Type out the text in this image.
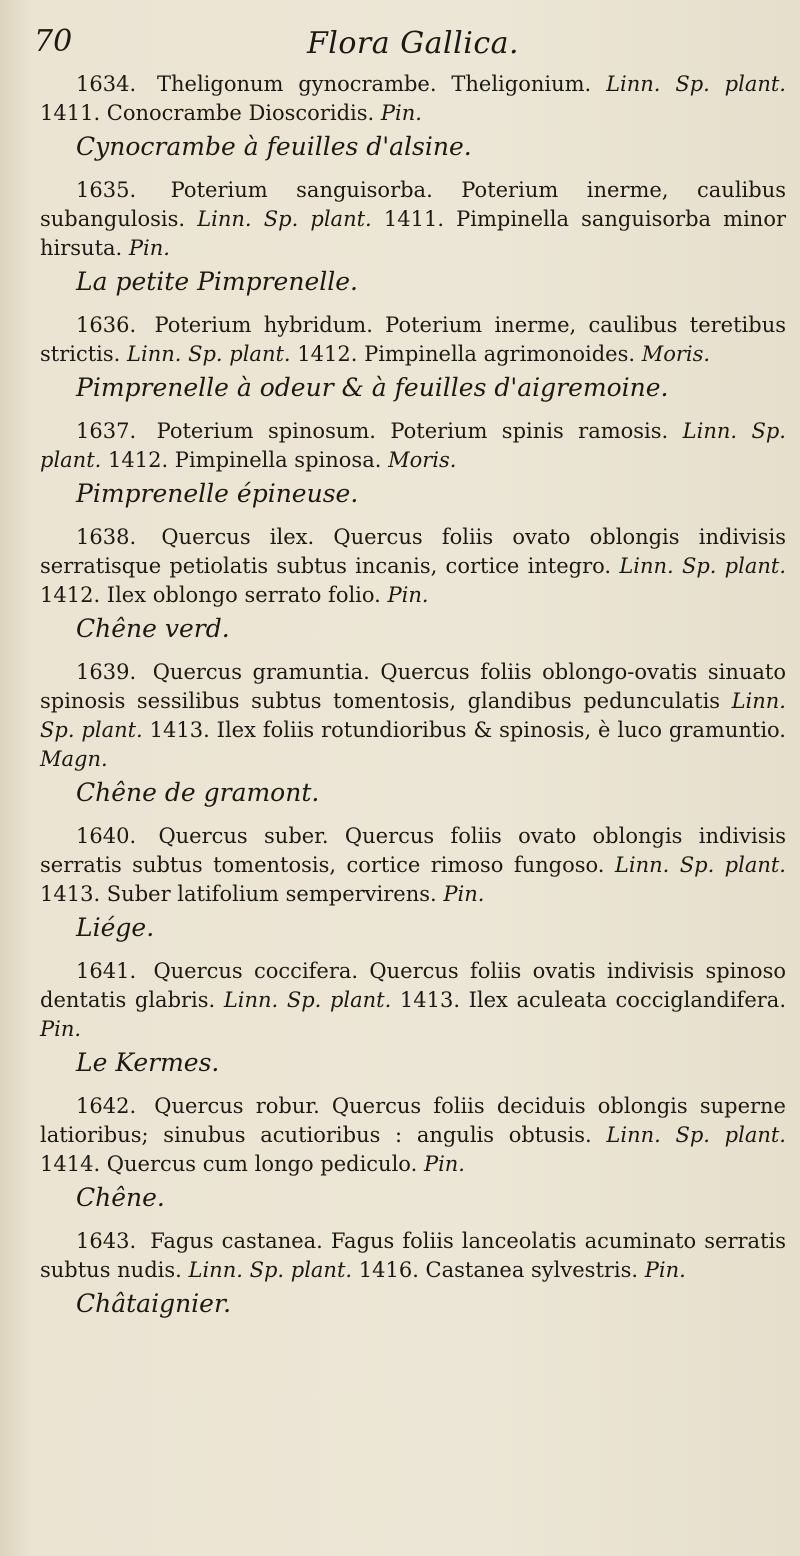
70	Flora Gallica.

1634. Theligonum gynocrambe. Theligonium. Linn. Sp. plant. 1411. Conocrambe Dioscoridis. Pin.

Cynocrambe à feuilles d'alsine.

1635. Poterium sanguisorba. Poterium inerme, caulibus subangulosis. Linn. Sp. plant. 1411. Pimpinella sanguisorba minor hirsuta. Pin.

La petite Pimprenelle.

1636. Poterium hybridum. Poterium inerme, caulibus teretibus strictis. Linn. Sp. plant. 1412. Pimpinella agrimonoides. Moris.

Pimprenelle à odeur & à feuilles d'aigremoine.

1637. Poterium spinosum. Poterium spinis ramosis. Linn. Sp. plant. 1412. Pimpinella spinosa. Moris.

Pimprenelle épineuse.

1638. Quercus ilex. Quercus foliis ovato oblongis indivisis serratisque petiolatis subtus incanis, cortice integro. Linn. Sp. plant. 1412. Ilex oblongo serrato folio. Pin.

Chêne verd.

1639. Quercus gramuntia. Quercus foliis oblongo-ovatis sinuato spinosis sessilibus subtus tomentosis, glandibus pedunculatis Linn. Sp. plant. 1413. Ilex foliis rotundioribus & spinosis, è luco gramuntio. Magn.

Chêne de gramont.

1640. Quercus suber. Quercus foliis ovato oblongis indivisis serratis subtus tomentosis, cortice rimoso fungoso. Linn. Sp. plant. 1413. Suber latifolium sempervirens. Pin.

Liége.

1641. Quercus coccifera. Quercus foliis ovatis indivisis spinoso dentatis glabris. Linn. Sp. plant. 1413. Ilex aculeata cocciglandifera. Pin.

Le Kermes.

1642. Quercus robur. Quercus foliis deciduis oblongis superne latioribus; sinubus acutioribus : angulis obtusis. Linn. Sp. plant. 1414. Quercus cum longo pediculo. Pin.

Chêne.

1643. Fagus castanea. Fagus foliis lanceolatis acuminato serratis subtus nudis. Linn. Sp. plant. 1416. Castanea sylvestris. Pin.

Châtaignier.
